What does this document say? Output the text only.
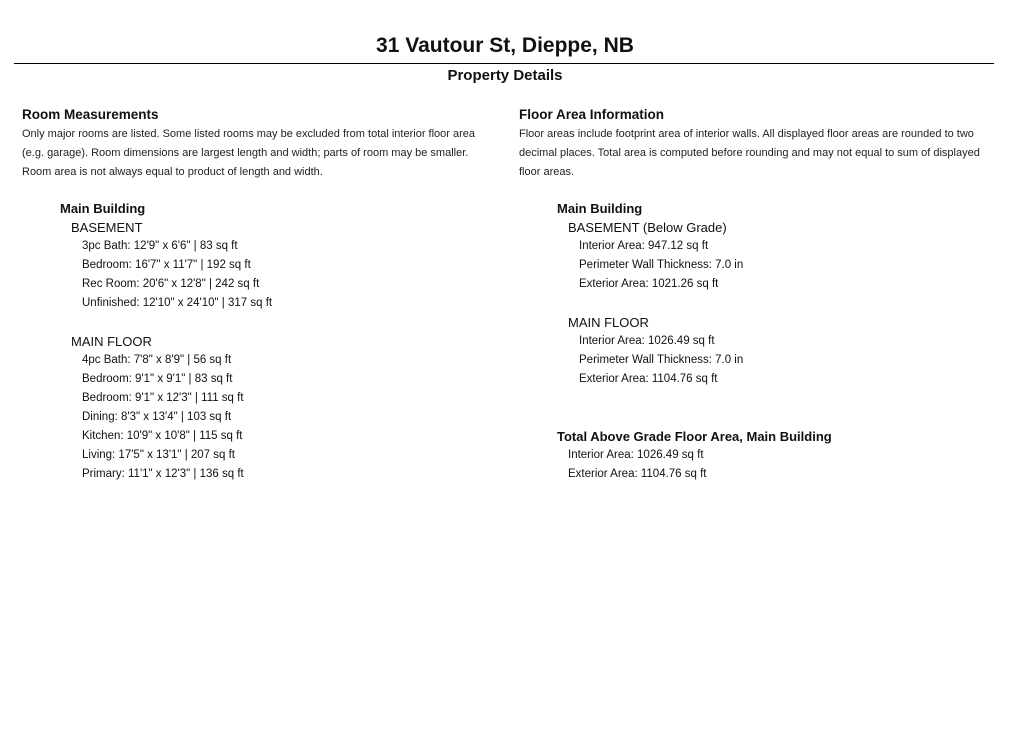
31 Vautour St, Dieppe, NB
Property Details
Room Measurements
Only major rooms are listed. Some listed rooms may be excluded from total interior floor area
(e.g. garage). Room dimensions are largest length and width; parts of room may be smaller.
Room area is not always equal to product of length and width.
Main Building
BASEMENT
3pc Bath: 12'9" x 6'6" | 83 sq ft
Bedroom: 16'7" x 11'7" | 192 sq ft
Rec Room: 20'6" x 12'8" | 242 sq ft
Unfinished: 12'10" x 24'10" | 317 sq ft
MAIN FLOOR
4pc Bath: 7'8" x 8'9" | 56 sq ft
Bedroom: 9'1" x 9'1" | 83 sq ft
Bedroom: 9'1" x 12'3" | 111 sq ft
Dining: 8'3" x 13'4" | 103 sq ft
Kitchen: 10'9" x 10'8" | 115 sq ft
Living: 17'5" x 13'1" | 207 sq ft
Primary: 11'1" x 12'3" | 136 sq ft
Floor Area Information
Floor areas include footprint area of interior walls. All displayed floor areas are rounded to two
decimal places. Total area is computed before rounding and may not equal to sum of displayed
floor areas.
Main Building
BASEMENT (Below Grade)
Interior Area: 947.12 sq ft
Perimeter Wall Thickness: 7.0 in
Exterior Area: 1021.26 sq ft
MAIN FLOOR
Interior Area: 1026.49 sq ft
Perimeter Wall Thickness: 7.0 in
Exterior Area: 1104.76 sq ft
Total Above Grade Floor Area, Main Building
Interior Area: 1026.49 sq ft
Exterior Area: 1104.76 sq ft
